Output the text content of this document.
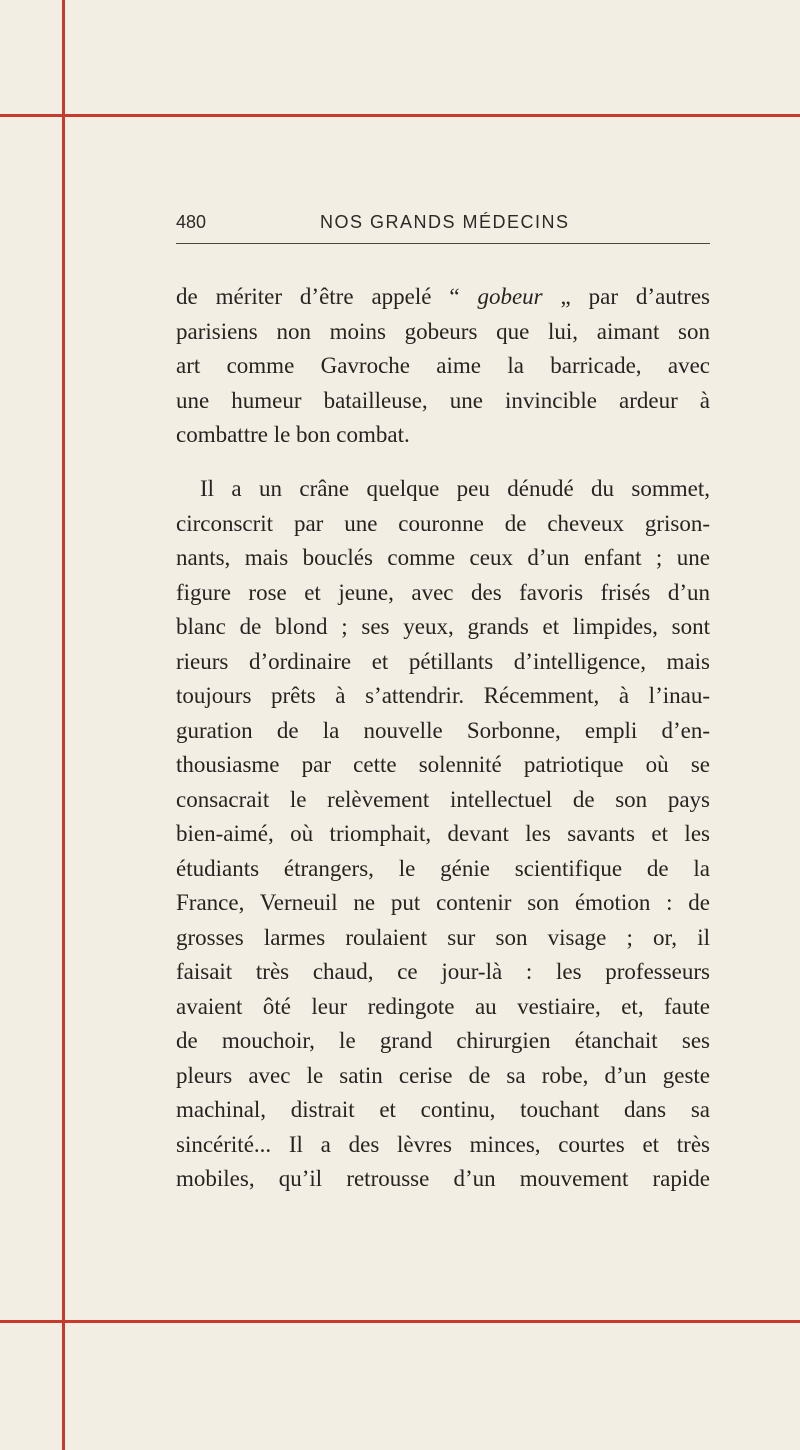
480	NOS GRANDS MÉDECINS
de mériter d’être appelé “ gobeur „ par d’autres
parisiens non moins gobeurs que lui, aimant son
art comme Gavroche aime la barricade, avec
une humeur batailleuse, une invincible ardeur à
combattre le bon combat.
Il a un crâne quelque peu dénudé du sommet,
circonscrit par une couronne de cheveux grison-
nants, mais bouclés comme ceux d’un enfant ; une
figure rose et jeune, avec des favoris frisés d’un
blanc de blond ; ses yeux, grands et limpides, sont
rieurs d’ordinaire et pétillants d’intelligence, mais
toujours prêts à s’attendrir. Récemment, à l’inau-
guration de la nouvelle Sorbonne, empli d’en-
thousiasme par cette solennité patriotique où se
consacrait le relèvement intellectuel de son pays
bien-aimé, où triomphait, devant les savants et les
étudiants étrangers, le génie scientifique de la
France, Verneuil ne put contenir son émotion : de
grosses larmes roulaient sur son visage ; or, il
faisait très chaud, ce jour-là : les professeurs
avaient ôté leur redingote au vestiaire, et, faute
de mouchoir, le grand chirurgien étanchait ses
pleurs avec le satin cerise de sa robe, d’un geste
machinal, distrait et continu, touchant dans sa
sincérité... Il a des lèvres minces, courtes et très
mobiles, qu’il retrousse d’un mouvement rapide
